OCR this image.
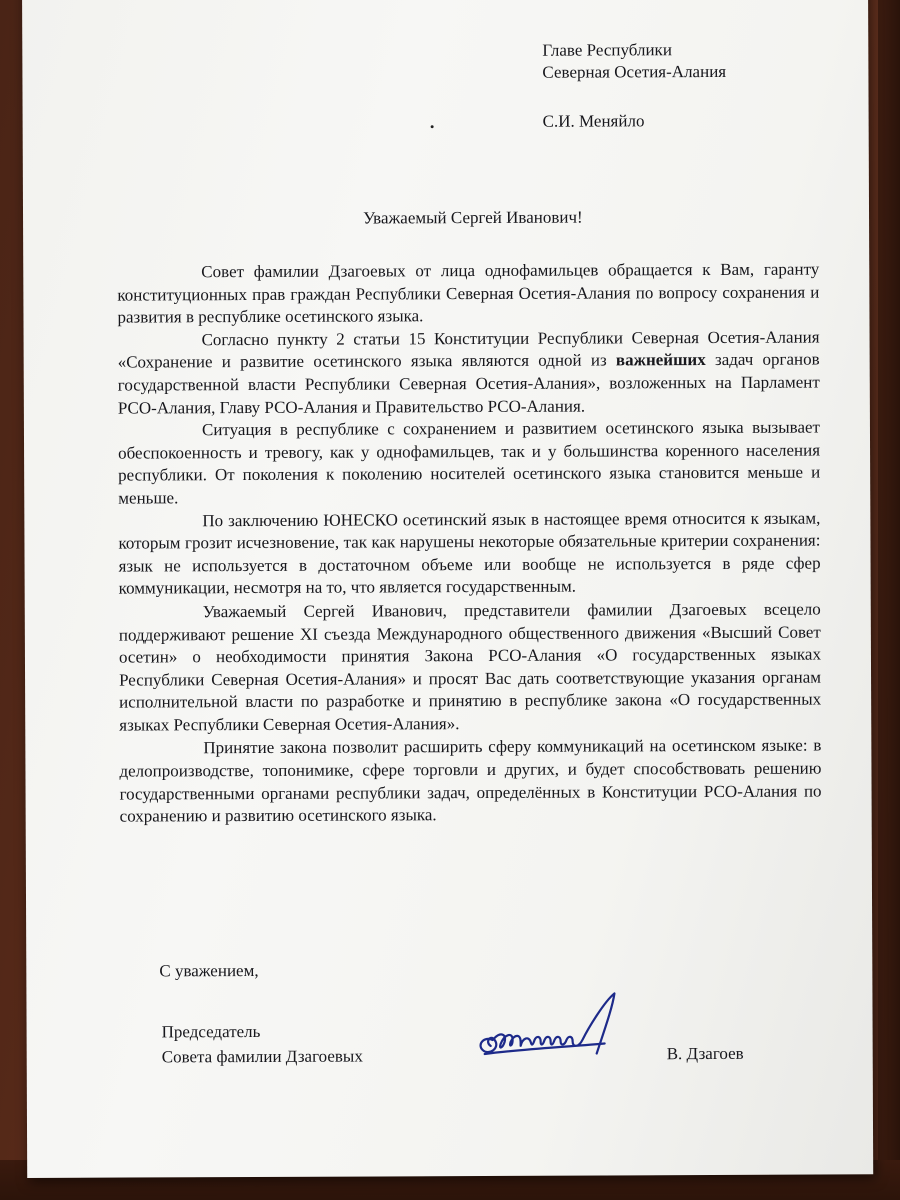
Главе Республики
Северная Осетия-Алания
С.И. Меняйло
Уважаемый Сергей Иванович!

Совет фамилии Дзагоевых от лица однофамильцев обращается к Вам, гаранту конституционных прав граждан Республики Северная Осетия-Алания по вопросу сохранения и развития в республике осетинского языка.

Согласно пункту 2 статьи 15 Конституции Республики Северная Осетия-Алания «Сохранение и развитие осетинского языка являются одной из важнейших задач органов государственной власти Республики Северная Осетия-Алания», возложенных на Парламент РСО-Алания, Главу РСО-Алания и Правительство РСО-Алания.

Ситуация в республике с сохранением и развитием осетинского языка вызывает обеспокоенность и тревогу, как у однофамильцев, так и у большинства коренного населения республики. От поколения к поколению носителей осетинского языка становится меньше и меньше.

По заключению ЮНЕСКО осетинский язык в настоящее время относится к языкам, которым грозит исчезновение, так как нарушены некоторые обязательные критерии сохранения: язык не используется в достаточном объеме или вообще не используется в ряде сфер коммуникации, несмотря на то, что является государственным.

Уважаемый Сергей Иванович, представители фамилии Дзагоевых всецело поддерживают решение XI съезда Международного общественного движения «Высший Совет осетин» о необходимости принятия Закона РСО-Алания «О государственных языках Республики Северная Осетия-Алания» и просят Вас дать соответствующие указания органам исполнительной власти по разработке и принятию в республике закона «О государственных языках Республики Северная Осетия-Алания».

Принятие закона позволит расширить сферу коммуникаций на осетинском языке: в делопроизводстве, топонимике, сфере торговли и других, и будет способствовать решению государственными органами республики задач, определённых в Конституции РСО-Алания по сохранению и развитию осетинского языка.

С уважением,
Председатель
Совета фамилии Дзагоевых	В. Дзагоев
